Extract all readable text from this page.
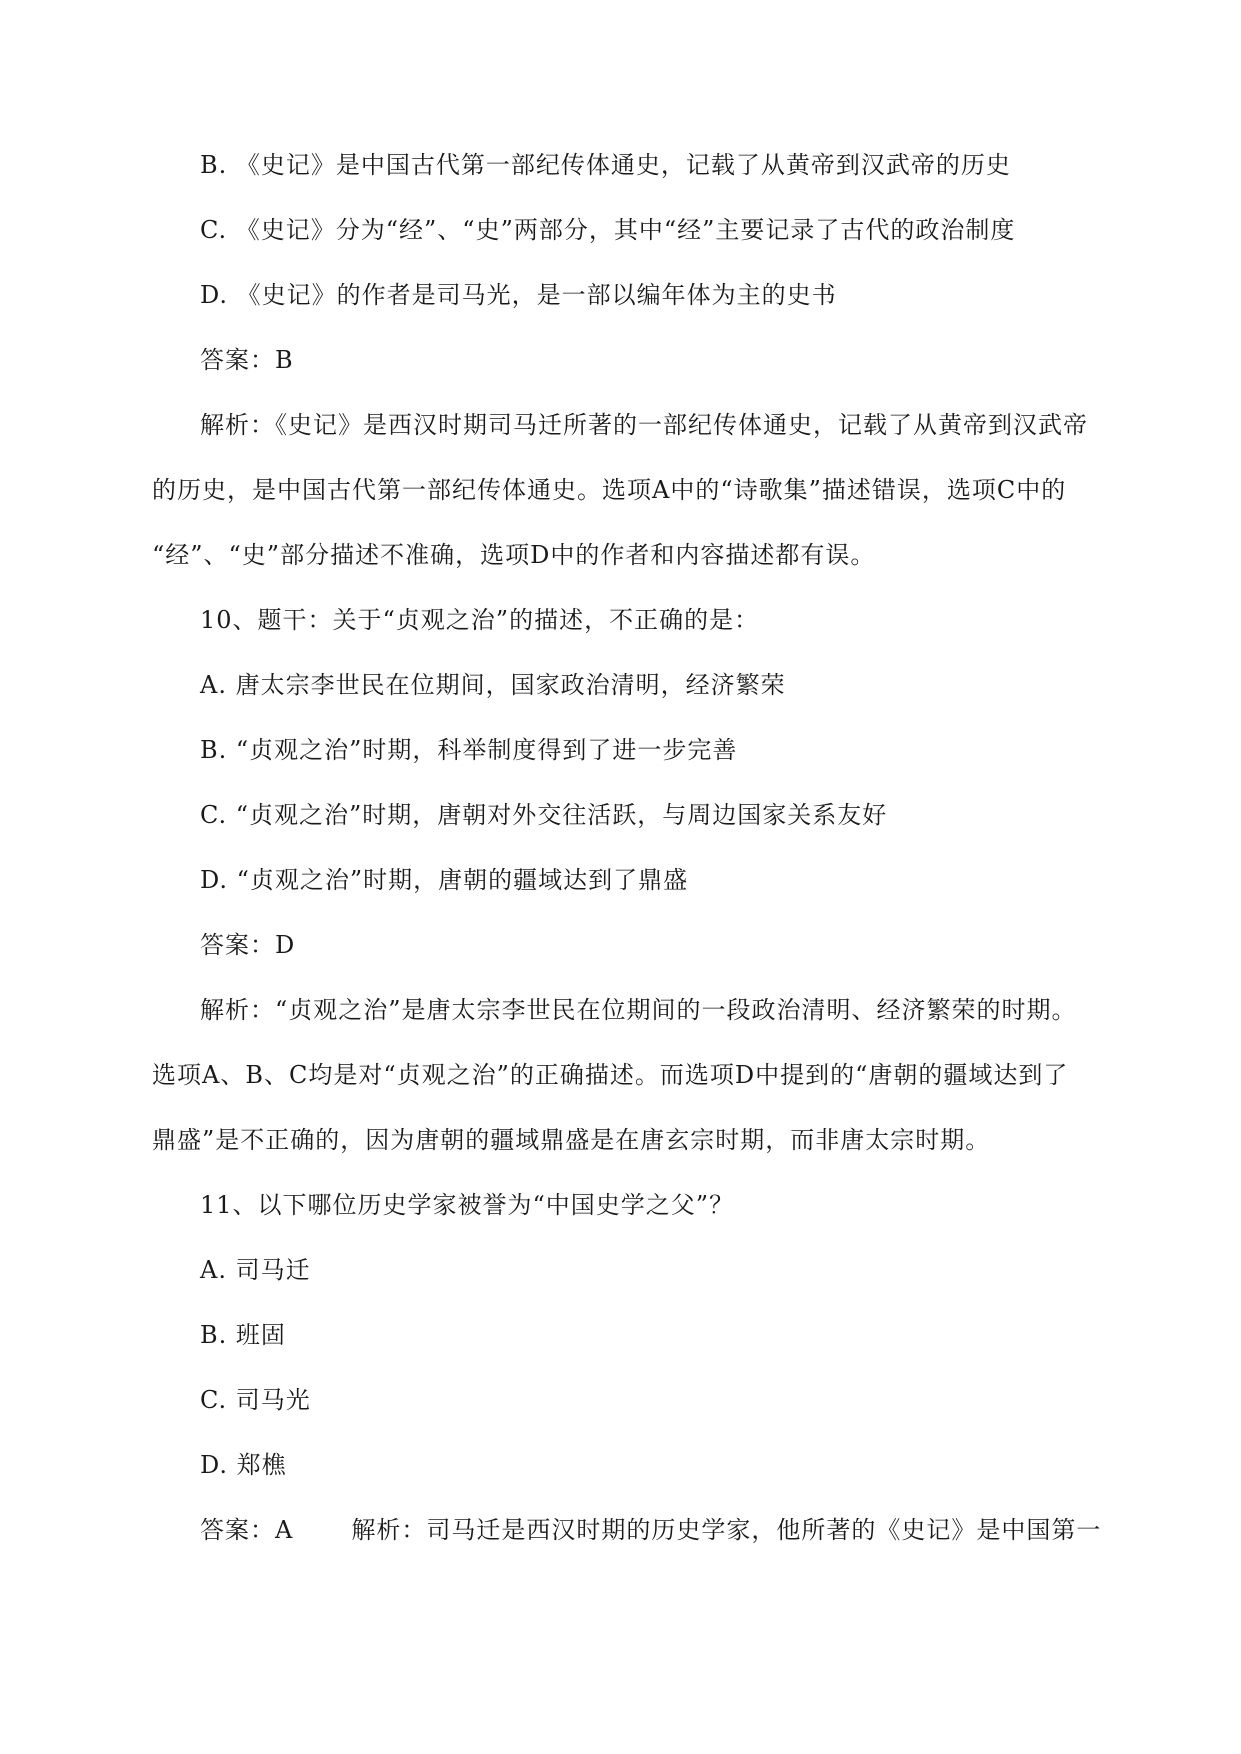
B. 《史记》是中国古代第一部纪传体通史，记载了从黄帝到汉武帝的历史
C. 《史记》分为“经”、“史”两部分，其中“经”主要记录了古代的政治制度
D. 《史记》的作者是司马光，是一部以编年体为主的史书
答案：B
解析：《史记》是西汉时期司马迁所著的一部纪传体通史，记载了从黄帝到汉武帝
的历史，是中国古代第一部纪传体通史。选项A中的“诗歌集”描述错误，选项C中的
“经”、“史”部分描述不准确，选项D中的作者和内容描述都有误。
10、题干：关于“贞观之治”的描述，不正确的是：
A. 唐太宗李世民在位期间，国家政治清明，经济繁荣
B. “贞观之治”时期，科举制度得到了进一步完善
C. “贞观之治”时期，唐朝对外交往活跃，与周边国家关系友好
D. “贞观之治”时期，唐朝的疆域达到了鼎盛
答案：D
解析：“贞观之治”是唐太宗李世民在位期间的一段政治清明、经济繁荣的时期。
选项A、B、C均是对“贞观之治”的正确描述。而选项D中提到的“唐朝的疆域达到了
鼎盛”是不正确的，因为唐朝的疆域鼎盛是在唐玄宗时期，而非唐太宗时期。
11、以下哪位历史学家被誉为“中国史学之父”？
A. 司马迁
B. 班固
C. 司马光
D. 郑樵
答案：A 解析：司马迁是西汉时期的历史学家，他所著的《史记》是中国第一
